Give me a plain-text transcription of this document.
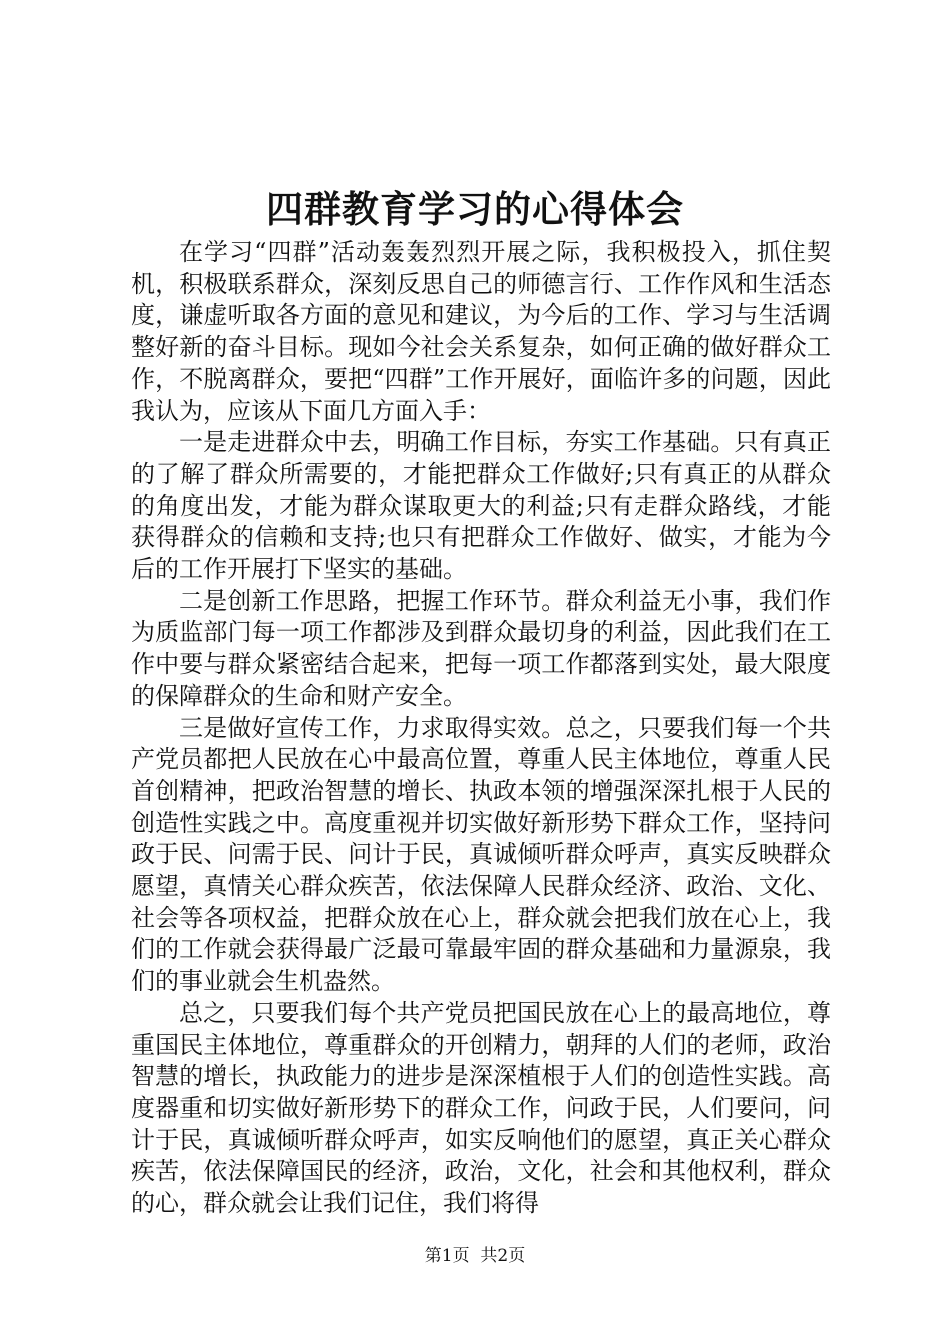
四群教育学习的心得体会

在学习“四群”活动轰轰烈烈开展之际，我积极投入，抓住契机，积极联系群众，深刻反思自己的师德言行、工作作风和生活态度，谦虚听取各方面的意见和建议，为今后的工作、学习与生活调整好新的奋斗目标。现如今社会关系复杂，如何正确的做好群众工作，不脱离群众，要把“四群”工作开展好，面临许多的问题，因此我认为，应该从下面几方面入手：

一是走进群众中去，明确工作目标，夯实工作基础。只有真正的了解了群众所需要的，才能把群众工作做好;只有真正的从群众的角度出发，才能为群众谋取更大的利益;只有走群众路线，才能获得群众的信赖和支持;也只有把群众工作做好、做实，才能为今后的工作开展打下坚实的基础。

二是创新工作思路，把握工作环节。群众利益无小事，我们作为质监部门每一项工作都涉及到群众最切身的利益，因此我们在工作中要与群众紧密结合起来，把每一项工作都落到实处，最大限度的保障群众的生命和财产安全。

三是做好宣传工作，力求取得实效。总之，只要我们每一个共产党员都把人民放在心中最高位置，尊重人民主体地位，尊重人民首创精神，把政治智慧的增长、执政本领的增强深深扎根于人民的创造性实践之中。高度重视并切实做好新形势下群众工作，坚持问政于民、问需于民、问计于民，真诚倾听群众呼声，真实反映群众愿望，真情关心群众疾苦，依法保障人民群众经济、政治、文化、社会等各项权益，把群众放在心上，群众就会把我们放在心上，我们的工作就会获得最广泛最可靠最牢固的群众基础和力量源泉，我们的事业就会生机盎然。

总之，只要我们每个共产党员把国民放在心上的最高地位，尊重国民主体地位，尊重群众的开创精力，朝拜的人们的老师，政治智慧的增长，执政能力的进步是深深植根于人们的创造性实践。高度器重和切实做好新形势下的群众工作，问政于民，人们要问，问计于民，真诚倾听群众呼声，如实反响他们的愿望，真正关心群众疾苦，依法保障国民的经济，政治，文化，社会和其他权利，群众的心，群众就会让我们记住，我们将得

第1页  共2页
